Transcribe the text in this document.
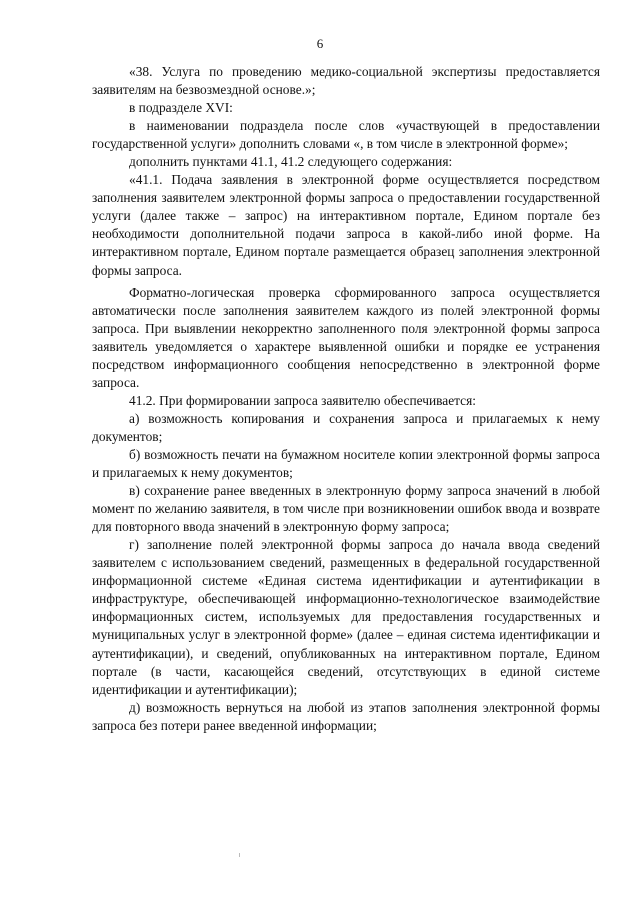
6

«38. Услуга по проведению медико-социальной экспертизы предоставляется заявителям на безвозмездной основе.»;

в подразделе XVI:

в наименовании подраздела после слов «участвующей в предоставлении государственной услуги» дополнить словами «, в том числе в электронной форме»;

дополнить пунктами 41.1, 41.2 следующего содержания:

«41.1. Подача заявления в электронной форме осуществляется посредством заполнения заявителем электронной формы запроса о предоставлении государственной услуги (далее также – запрос) на интерактивном портале, Едином портале без необходимости дополнительной подачи запроса в какой-либо иной форме. На интерактивном портале, Едином портале размещается образец заполнения электронной формы запроса.

Форматно-логическая проверка сформированного запроса осуществляется автоматически после заполнения заявителем каждого из полей электронной формы запроса. При выявлении некорректно заполненного поля электронной формы запроса заявитель уведомляется о характере выявленной ошибки и порядке ее устранения посредством информационного сообщения непосредственно в электронной форме запроса.

41.2. При формировании запроса заявителю обеспечивается:

а) возможность копирования и сохранения запроса и прилагаемых к нему документов;

б) возможность печати на бумажном носителе копии электронной формы запроса и прилагаемых к нему документов;

в) сохранение ранее введенных в электронную форму запроса значений в любой момент по желанию заявителя, в том числе при возникновении ошибок ввода и возврате для повторного ввода значений в электронную форму запроса;

г) заполнение полей электронной формы запроса до начала ввода сведений заявителем с использованием сведений, размещенных в федеральной государственной информационной системе «Единая система идентификации и аутентификации в инфраструктуре, обеспечивающей информационно-технологическое взаимодействие информационных систем, используемых для предоставления государственных и муниципальных услуг в электронной форме» (далее – единая система идентификации и аутентификации), и сведений, опубликованных на интерактивном портале, Едином портале (в части, касающейся сведений, отсутствующих в единой системе идентификации и аутентификации);

д) возможность вернуться на любой из этапов заполнения электронной формы запроса без потери ранее введенной информации;
